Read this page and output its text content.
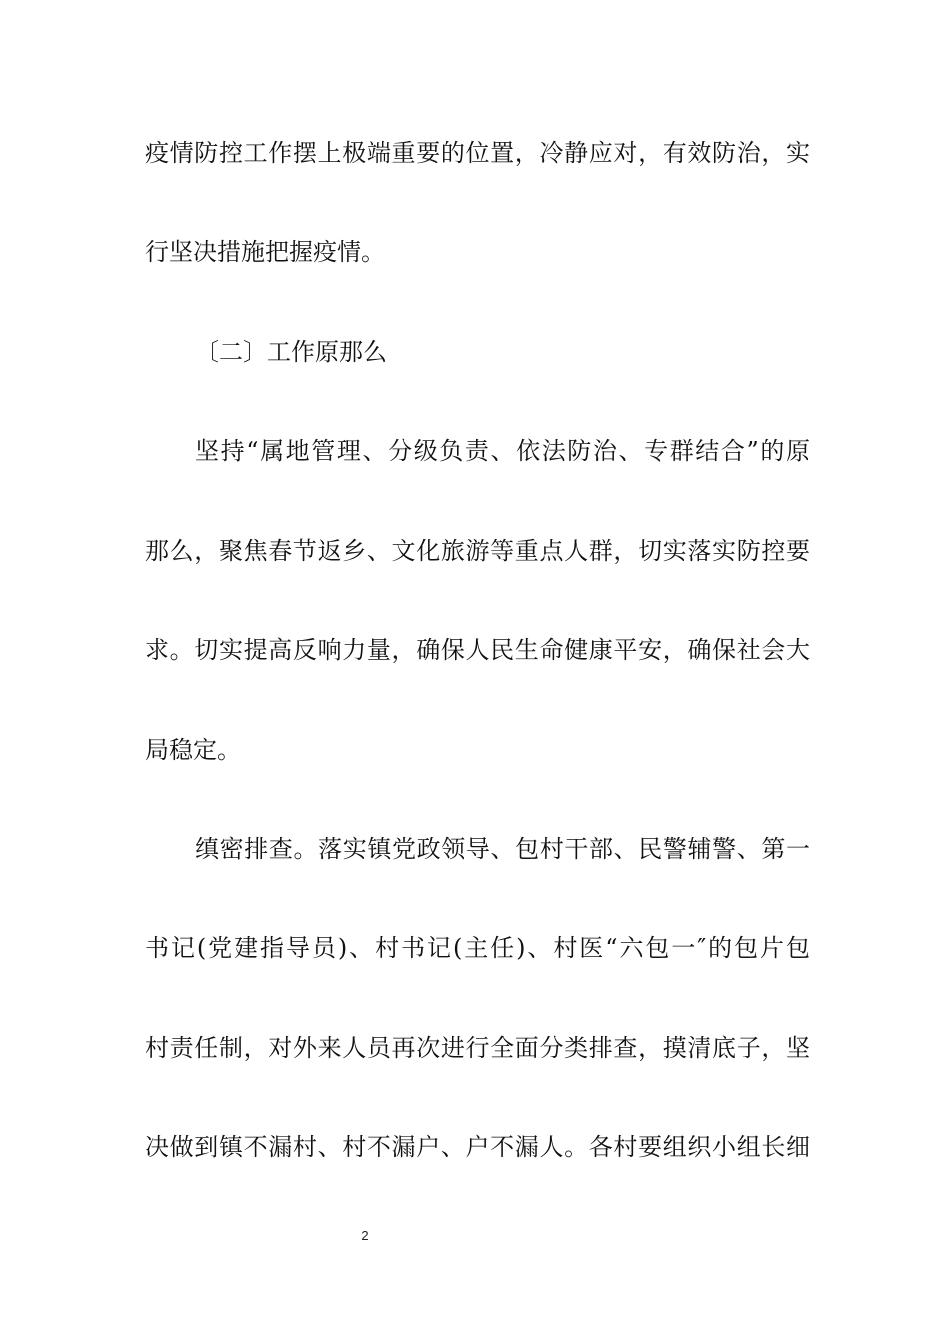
疫情防控工作摆上极端重要的位置，冷静应对，有效防治，实
行坚决措施把握疫情。
〔二〕工作原那么
坚持“属地管理、分级负责、依法防治、专群结合”的原
那么，聚焦春节返乡、文化旅游等重点人群，切实落实防控要
求。切实提高反响力量，确保人民生命健康平安，确保社会大
局稳定。
缜密排查。落实镇党政领导、包村干部、民警辅警、第一
书记(党建指导员)、村书记(主任)、村医“六包一″的包片包
村责任制，对外来人员再次进行全面分类排查，摸清底子，坚
决做到镇不漏村、村不漏户、户不漏人。各村要组织小组长细
2
